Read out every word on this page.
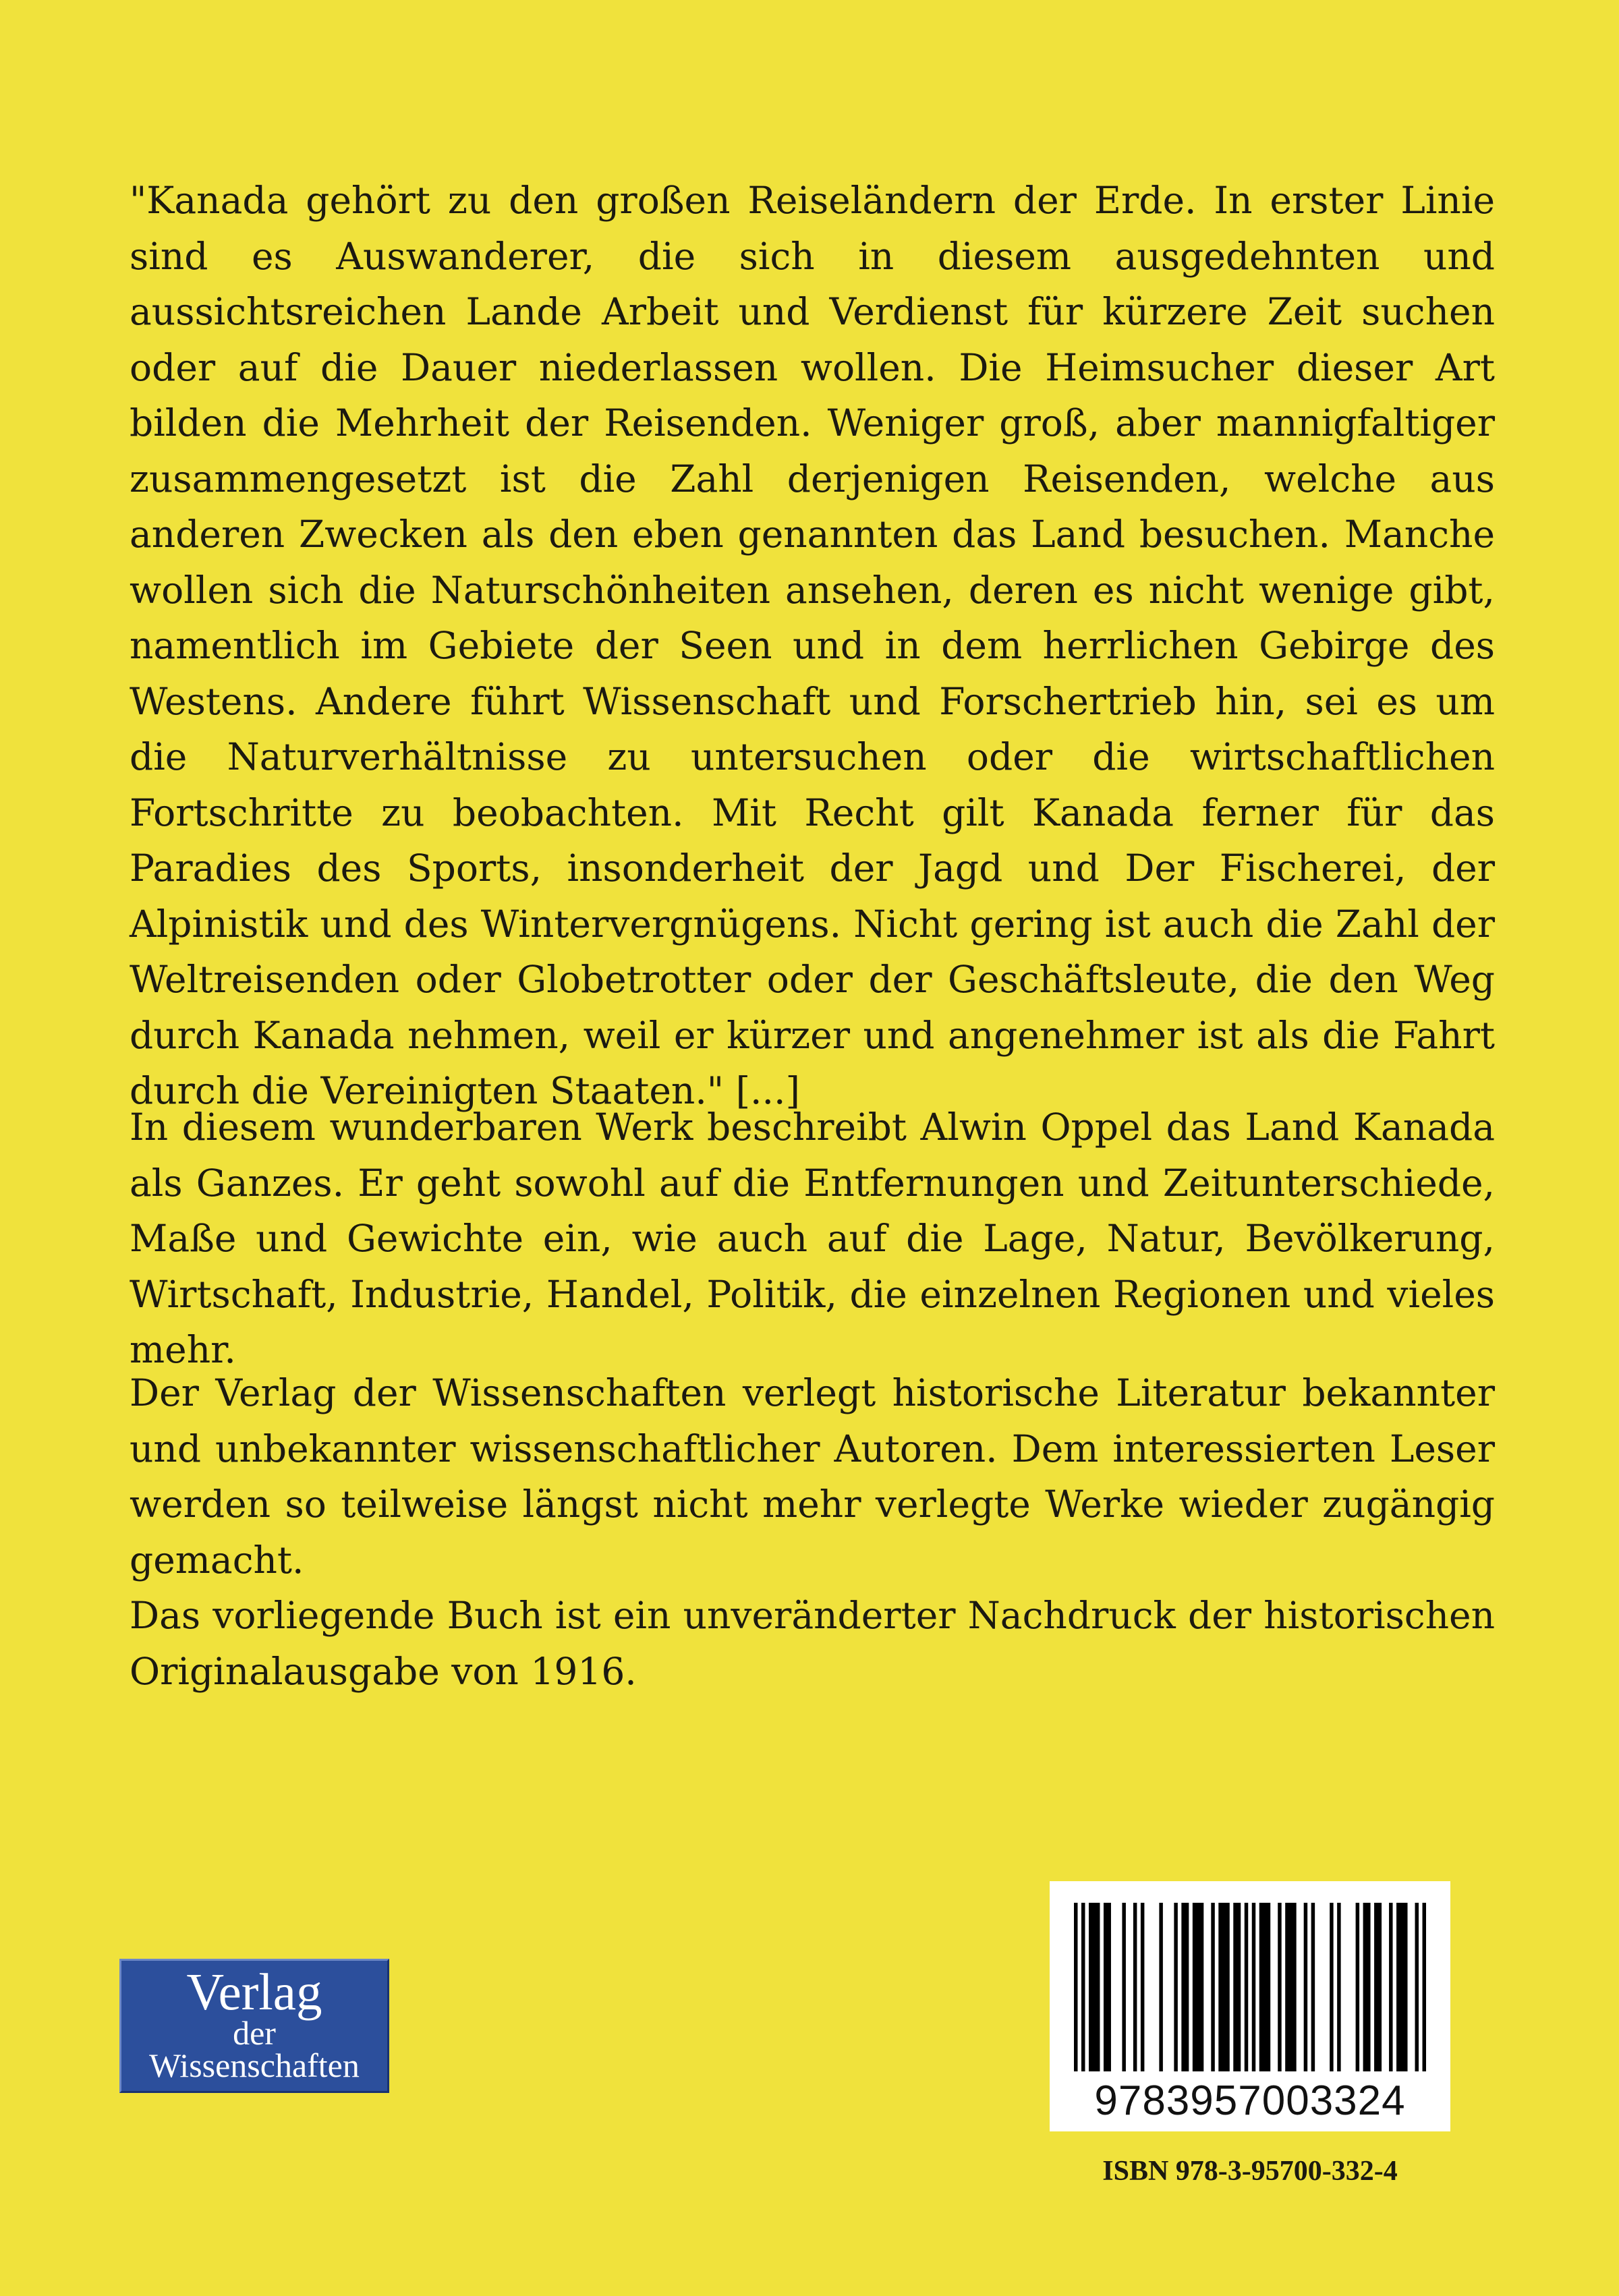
"Kanada gehört zu den großen Reiseländern der Erde. In erster Linie sind es Auswanderer, die sich in diesem ausgedehnten und aussichtsreichen Lande Arbeit und Verdienst für kürzere Zeit suchen oder auf die Dauer niederlassen wollen. Die Heimsucher dieser Art bilden die Mehrheit der Reisenden. Weniger groß, aber mannigfaltiger zusammengesetzt ist die Zahl derjenigen Reisenden, welche aus anderen Zwecken als den eben genannten das Land besuchen. Manche wollen sich die Naturschönheiten ansehen, deren es nicht wenige gibt, namentlich im Gebiete der Seen und in dem herrlichen Gebirge des Westens. Andere führt Wissenschaft und Forschertrieb hin, sei es um die Naturverhältnisse zu untersuchen oder die wirtschaftlichen Fortschritte zu beobachten. Mit Recht gilt Kanada ferner für das Paradies des Sports, insonderheit der Jagd und Der Fischerei, der Alpinistik und des Wintervergnügens. Nicht gering ist auch die Zahl der Weltreisenden oder Globetrotter oder der Geschäftsleute, die den Weg durch Kanada nehmen, weil er kürzer und angenehmer ist als die Fahrt durch die Vereinigten Staaten." [...]

In diesem wunderbaren Werk beschreibt Alwin Oppel das Land Kanada als Ganzes. Er geht sowohl auf die Entfernungen und Zeitunterschiede, Maße und Gewichte ein, wie auch auf die Lage, Natur, Bevölkerung, Wirtschaft, Industrie, Handel, Politik, die einzelnen Regionen und vieles mehr.

Der Verlag der Wissenschaften verlegt historische Literatur bekannter und unbekannter wissenschaftlicher Autoren. Dem interessierten Leser werden so teilweise längst nicht mehr verlegte Werke wieder zugängig gemacht.

Das vorliegende Buch ist ein unveränderter Nachdruck der historischen Originalausgabe von 1916.

Verlag
der
Wissenschaften
9783957003324
ISBN 978-3-95700-332-4
